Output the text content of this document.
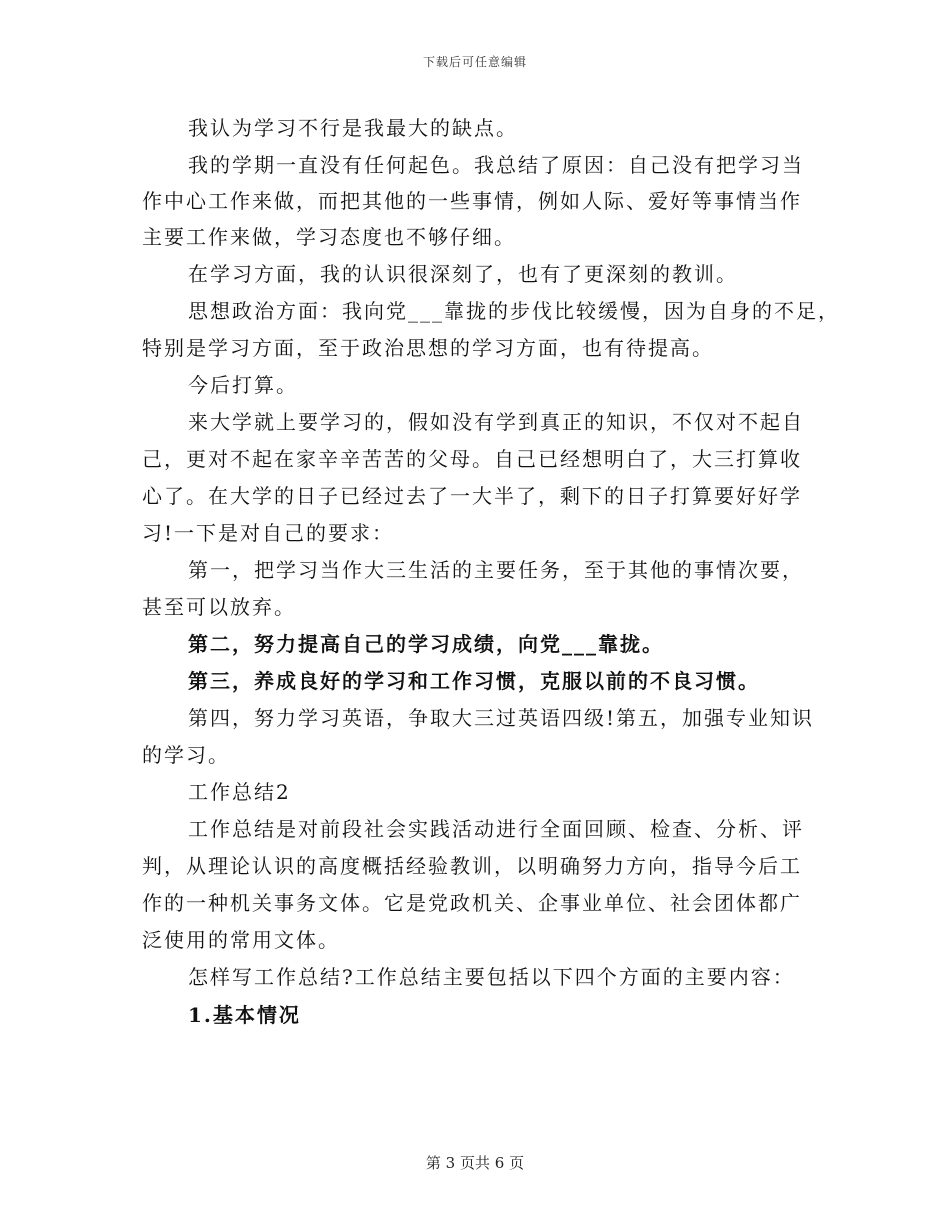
下载后可任意编辑
我认为学习不行是我最大的缺点。
我的学期一直没有任何起色。我总结了原因：自己没有把学习当
作中心工作来做，而把其他的一些事情，例如人际、爱好等事情当作
主要工作来做，学习态度也不够仔细。
在学习方面，我的认识很深刻了，也有了更深刻的教训。
思想政治方面：我向党___靠拢的步伐比较缓慢，因为自身的不足，
特别是学习方面，至于政治思想的学习方面，也有待提高。
今后打算。
来大学就上要学习的，假如没有学到真正的知识，不仅对不起自
己，更对不起在家辛辛苦苦的父母。自己已经想明白了，大三打算收
心了。在大学的日子已经过去了一大半了，剩下的日子打算要好好学
习!一下是对自己的要求：
第一，把学习当作大三生活的主要任务，至于其他的事情次要，
甚至可以放弃。
第二，努力提高自己的学习成绩，向党___靠拢。
第三，养成良好的学习和工作习惯，克服以前的不良习惯。
第四，努力学习英语，争取大三过英语四级!第五，加强专业知识
的学习。
工作总结2
工作总结是对前段社会实践活动进行全面回顾、检查、分析、评
判，从理论认识的高度概括经验教训，以明确努力方向，指导今后工
作的一种机关事务文体。它是党政机关、企事业单位、社会团体都广
泛使用的常用文体。
怎样写工作总结?工作总结主要包括以下四个方面的主要内容：
1.基本情况
第 3 页共 6 页
